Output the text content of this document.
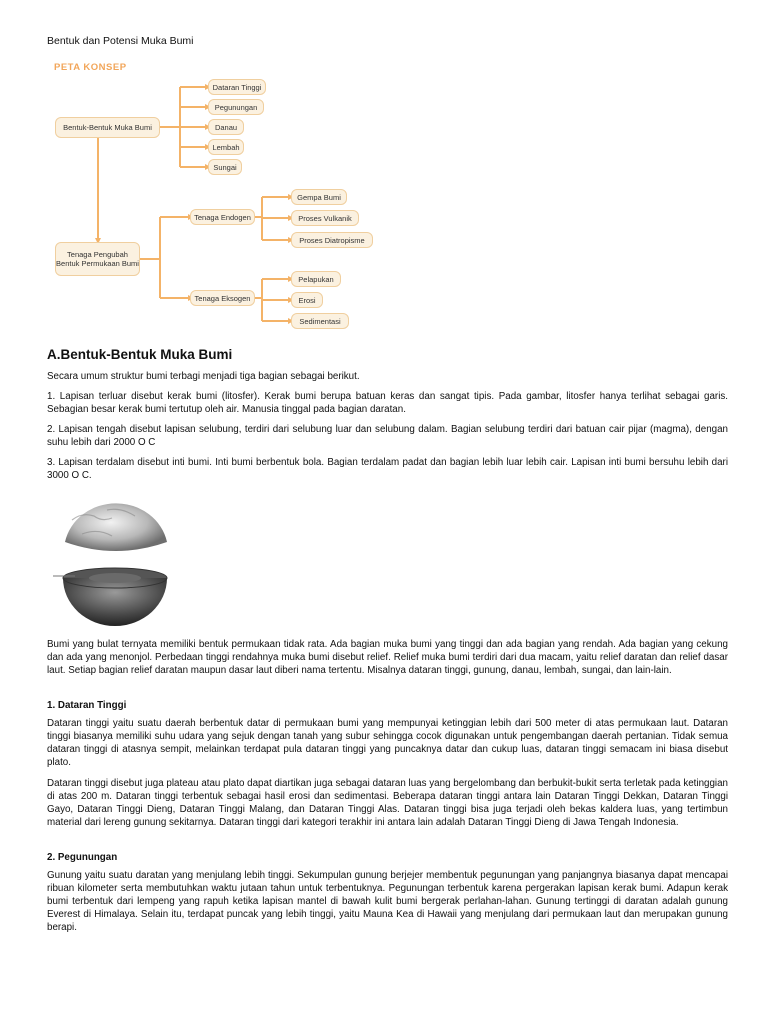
Bentuk dan Potensi Muka Bumi
PETA KONSEP
Bentuk-Bentuk Muka Bumi
Dataran Tinggi
Pegunungan
Danau
Lembah
Sungai
Tenaga Pengubah Bentuk Permukaan Bumi
Tenaga Endogen
Tenaga Eksogen
Gempa Bumi
Proses Vulkanik
Proses Diatropisme
Pelapukan
Erosi
Sedimentasi
A.Bentuk-Bentuk Muka Bumi
Secara umum struktur bumi terbagi menjadi tiga bagian sebagai berikut.
1. Lapisan terluar disebut kerak bumi (litosfer). Kerak bumi berupa batuan keras dan sangat tipis. Pada gambar, litosfer hanya terlihat sebagai garis. Sebagian besar kerak bumi tertutup oleh air. Manusia tinggal pada bagian daratan.
2. Lapisan tengah disebut lapisan selubung, terdiri dari selubung luar dan selubung dalam. Bagian selubung terdiri dari batuan cair pijar (magma), dengan suhu lebih dari 2000 O C
3. Lapisan terdalam disebut inti bumi. Inti bumi berbentuk bola. Bagian terdalam padat dan bagian lebih luar lebih cair. Lapisan inti bumi bersuhu lebih dari 3000 O C.
Bumi yang bulat ternyata memiliki bentuk permukaan tidak rata. Ada bagian muka bumi yang tinggi dan ada bagian yang rendah. Ada bagian yang cekung dan ada yang menonjol. Perbedaan tinggi rendahnya muka bumi disebut relief. Relief muka bumi terdiri dari dua macam, yaitu relief daratan dan relief dasar laut. Setiap bagian relief daratan maupun dasar laut diberi nama tertentu. Misalnya dataran tinggi, gunung, danau, lembah, sungai, dan lain-lain.
1. Dataran Tinggi
Dataran tinggi yaitu suatu daerah berbentuk datar di permukaan bumi yang mempunyai ketinggian lebih dari 500 meter di atas permukaan laut. Dataran tinggi biasanya memiliki suhu udara yang sejuk dengan tanah yang subur sehingga cocok digunakan untuk pengembangan daerah pertanian. Tidak semua dataran tinggi di atasnya sempit, melainkan terdapat pula dataran tinggi yang puncaknya datar dan cukup luas, dataran tinggi semacam ini biasa disebut plato.
Dataran tinggi disebut juga plateau atau plato dapat diartikan juga sebagai dataran luas yang bergelombang dan berbukit-bukit serta terletak pada ketinggian di atas 200 m. Dataran tinggi terbentuk sebagai hasil erosi dan sedimentasi. Beberapa dataran tinggi antara lain Dataran Tinggi Dekkan, Dataran Tinggi Gayo, Dataran Tinggi Dieng, Dataran Tinggi Malang, dan Dataran Tinggi Alas. Dataran tinggi bisa juga terjadi oleh bekas kaldera luas, yang tertimbun material dari lereng gunung sekitarnya. Dataran tinggi dari kategori terakhir ini antara lain adalah Dataran Tinggi Dieng di Jawa Tengah Indonesia.
2. Pegunungan
Gunung yaitu suatu daratan yang menjulang lebih tinggi. Sekumpulan gunung berjejer membentuk pegunungan yang panjangnya biasanya dapat mencapai ribuan kilometer serta membutuhkan waktu jutaan tahun untuk terbentuknya. Pegunungan terbentuk karena pergerakan lapisan kerak bumi. Adapun kerak bumi terbentuk dari lempeng yang rapuh ketika lapisan mantel di bawah kulit bumi bergerak perlahan-lahan. Gunung tertinggi di daratan adalah gunung Everest di Himalaya. Selain itu, terdapat puncak yang lebih tinggi, yaitu Mauna Kea di Hawaii yang menjulang dari permukaan laut dan merupakan gunung berapi.
